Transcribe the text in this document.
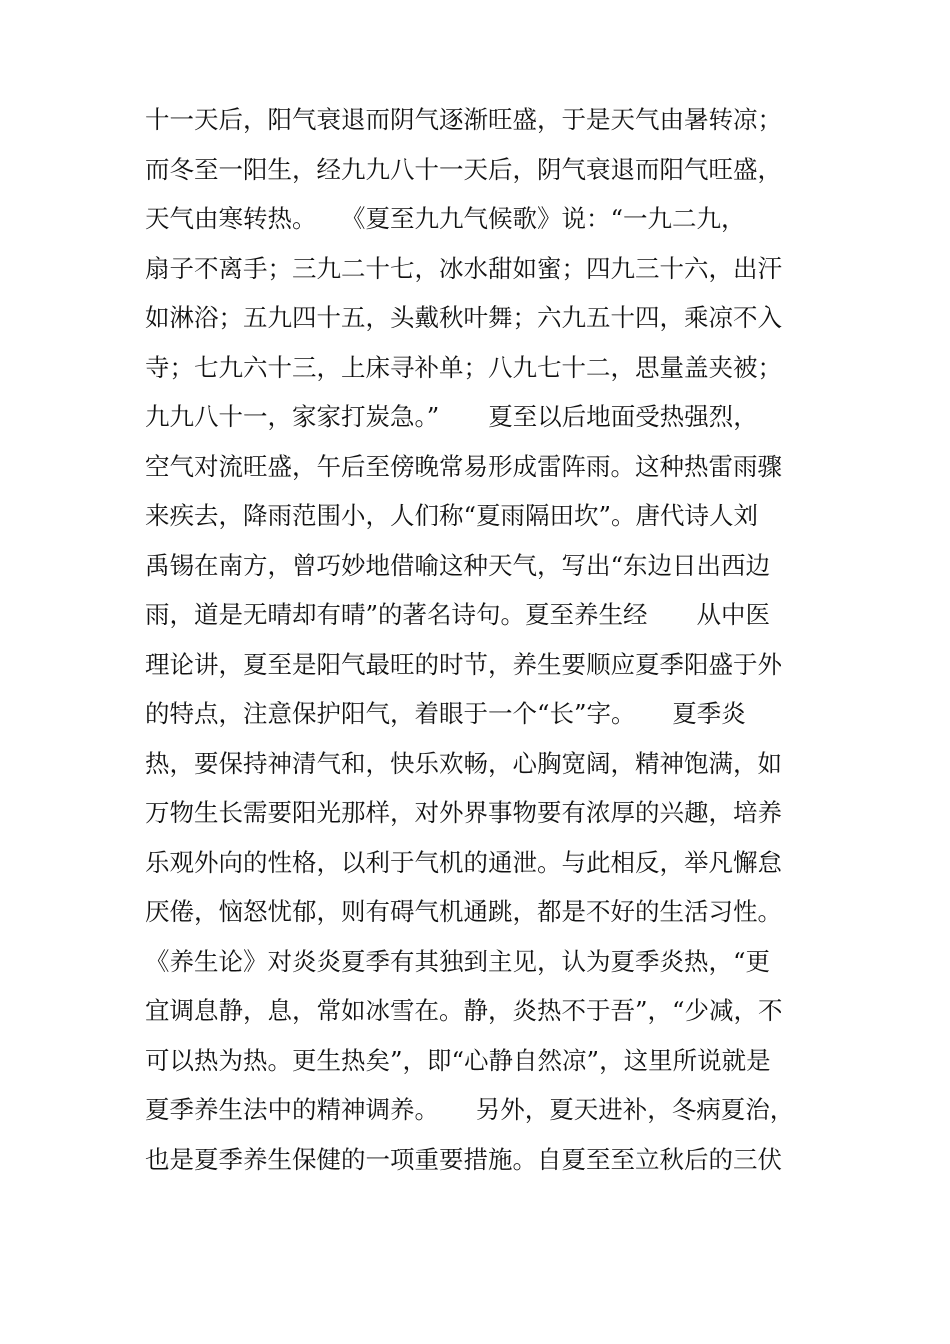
十一天后，阳气衰退而阴气逐渐旺盛，于是天气由暑转凉；
而冬至一阳生，经九九八十一天后，阴气衰退而阳气旺盛，
天气由寒转热。　　《夏至九九气候歌》说：“一九二九，
扇子不离手；三九二十七，冰水甜如蜜；四九三十六，出汗
如淋浴；五九四十五，头戴秋叶舞；六九五十四，乘凉不入
寺；七九六十三，上床寻补单；八九七十二，思量盖夹被；
九九八十一，家家打炭急。”　　夏至以后地面受热强烈，
空气对流旺盛，午后至傍晚常易形成雷阵雨。这种热雷雨骤
来疾去，降雨范围小，人们称“夏雨隔田坎”。唐代诗人刘
禹锡在南方，曾巧妙地借喻这种天气，写出“东边日出西边
雨，道是无晴却有晴”的著名诗句。夏至养生经　　从中医
理论讲，夏至是阳气最旺的时节，养生要顺应夏季阳盛于外
的特点，注意保护阳气，着眼于一个“长”字。　　夏季炎
热，要保持神清气和，快乐欢畅，心胸宽阔，精神饱满，如
万物生长需要阳光那样，对外界事物要有浓厚的兴趣，培养
乐观外向的性格，以利于气机的通泄。与此相反，举凡懈怠
厌倦，恼怒忧郁，则有碍气机通跳，都是不好的生活习性。
《养生论》对炎炎夏季有其独到主见，认为夏季炎热，“更
宜调息静，息，常如冰雪在。静，炎热不于吾”，“少减，不
可以热为热。更生热矣”，即“心静自然凉”，这里所说就是
夏季养生法中的精神调养。　　另外，夏天进补，冬病夏治，
也是夏季养生保健的一项重要措施。自夏至至立秋后的三伏
